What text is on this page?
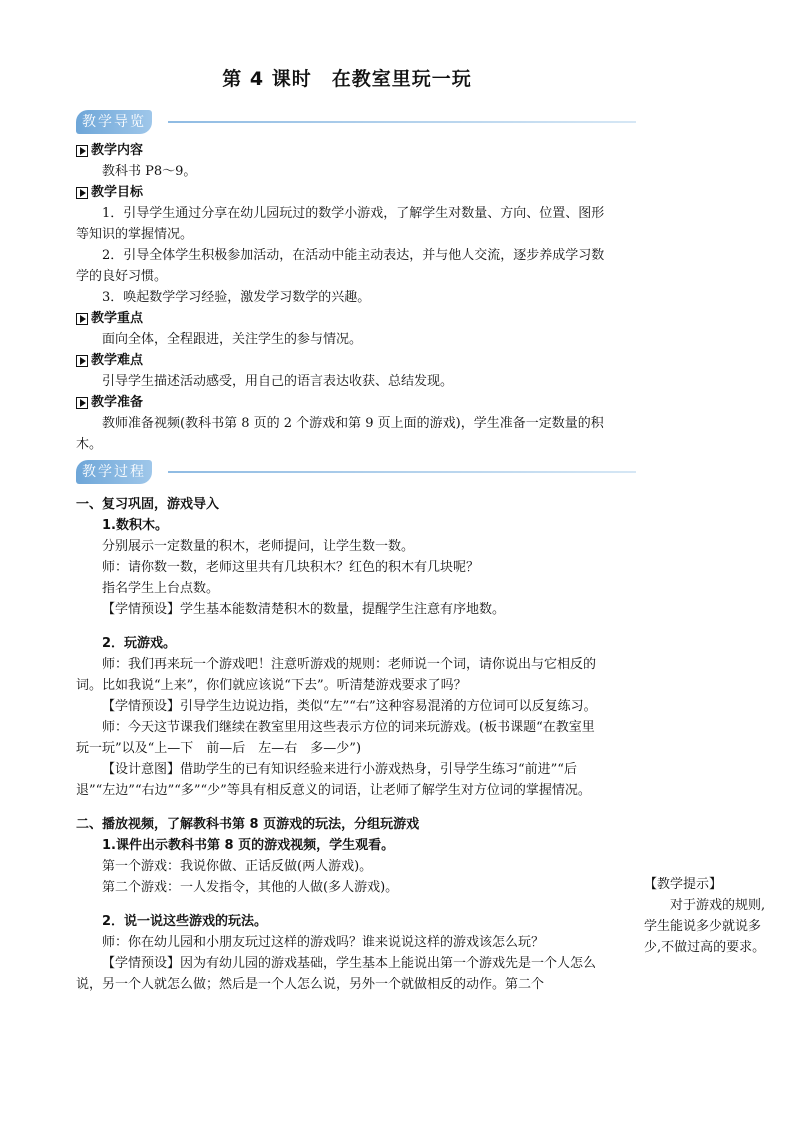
第 4 课时　在教室里玩一玩
教学导览
教学内容

教科书 P8～9。

教学目标

1．引导学生通过分享在幼儿园玩过的数学小游戏，了解学生对数量、方向、位置、图形等知识的掌握情况。

2．引导全体学生积极参加活动，在活动中能主动表达，并与他人交流，逐步养成学习数学的良好习惯。

3．唤起数学学习经验，激发学习数学的兴趣。

教学重点

面向全体，全程跟进，关注学生的参与情况。

教学难点

引导学生描述活动感受，用自己的语言表达收获、总结发现。

教学准备

教师准备视频(教科书第 8 页的 2 个游戏和第 9 页上面的游戏)，学生准备一定数量的积木。

教学过程

一、复习巩固，游戏导入

1.数积木。

分别展示一定数量的积木，老师提问，让学生数一数。

师：请你数一数，老师这里共有几块积木？红色的积木有几块呢？

指名学生上台点数。

【学情预设】学生基本能数清楚积木的数量，提醒学生注意有序地数。

2．玩游戏。

师：我们再来玩一个游戏吧！注意听游戏的规则：老师说一个词，请你说出与它相反的词。比如我说“上来”，你们就应该说“下去”。听清楚游戏要求了吗？

【学情预设】引导学生边说边指，类似“左”“右”这种容易混淆的方位词可以反复练习。

师：今天这节课我们继续在教室里用这些表示方位的词来玩游戏。(板书课题“在教室里玩一玩”以及“上—下　前—后　左—右　多—少”)

【设计意图】借助学生的已有知识经验来进行小游戏热身，引导学生练习“前进”“后退”“左边”“右边”“多”“少”等具有相反意义的词语，让老师了解学生对方位词的掌握情况。

二、播放视频，了解教科书第 8 页游戏的玩法，分组玩游戏

1.课件出示教科书第 8 页的游戏视频，学生观看。

第一个游戏：我说你做、正话反做(两人游戏)。

第二个游戏：一人发指令，其他的人做(多人游戏)。

2．说一说这些游戏的玩法。

师：你在幼儿园和小朋友玩过这样的游戏吗？谁来说说这样的游戏该怎么玩？

【学情预设】因为有幼儿园的游戏基础，学生基本上能说出第一个游戏先是一个人怎么说，另一个人就怎么做；然后是一个人怎么说，另外一个就做相反的动作。第二个

【教学提示】

对于游戏的规则,学生能说多少就说多少,不做过高的要求。
